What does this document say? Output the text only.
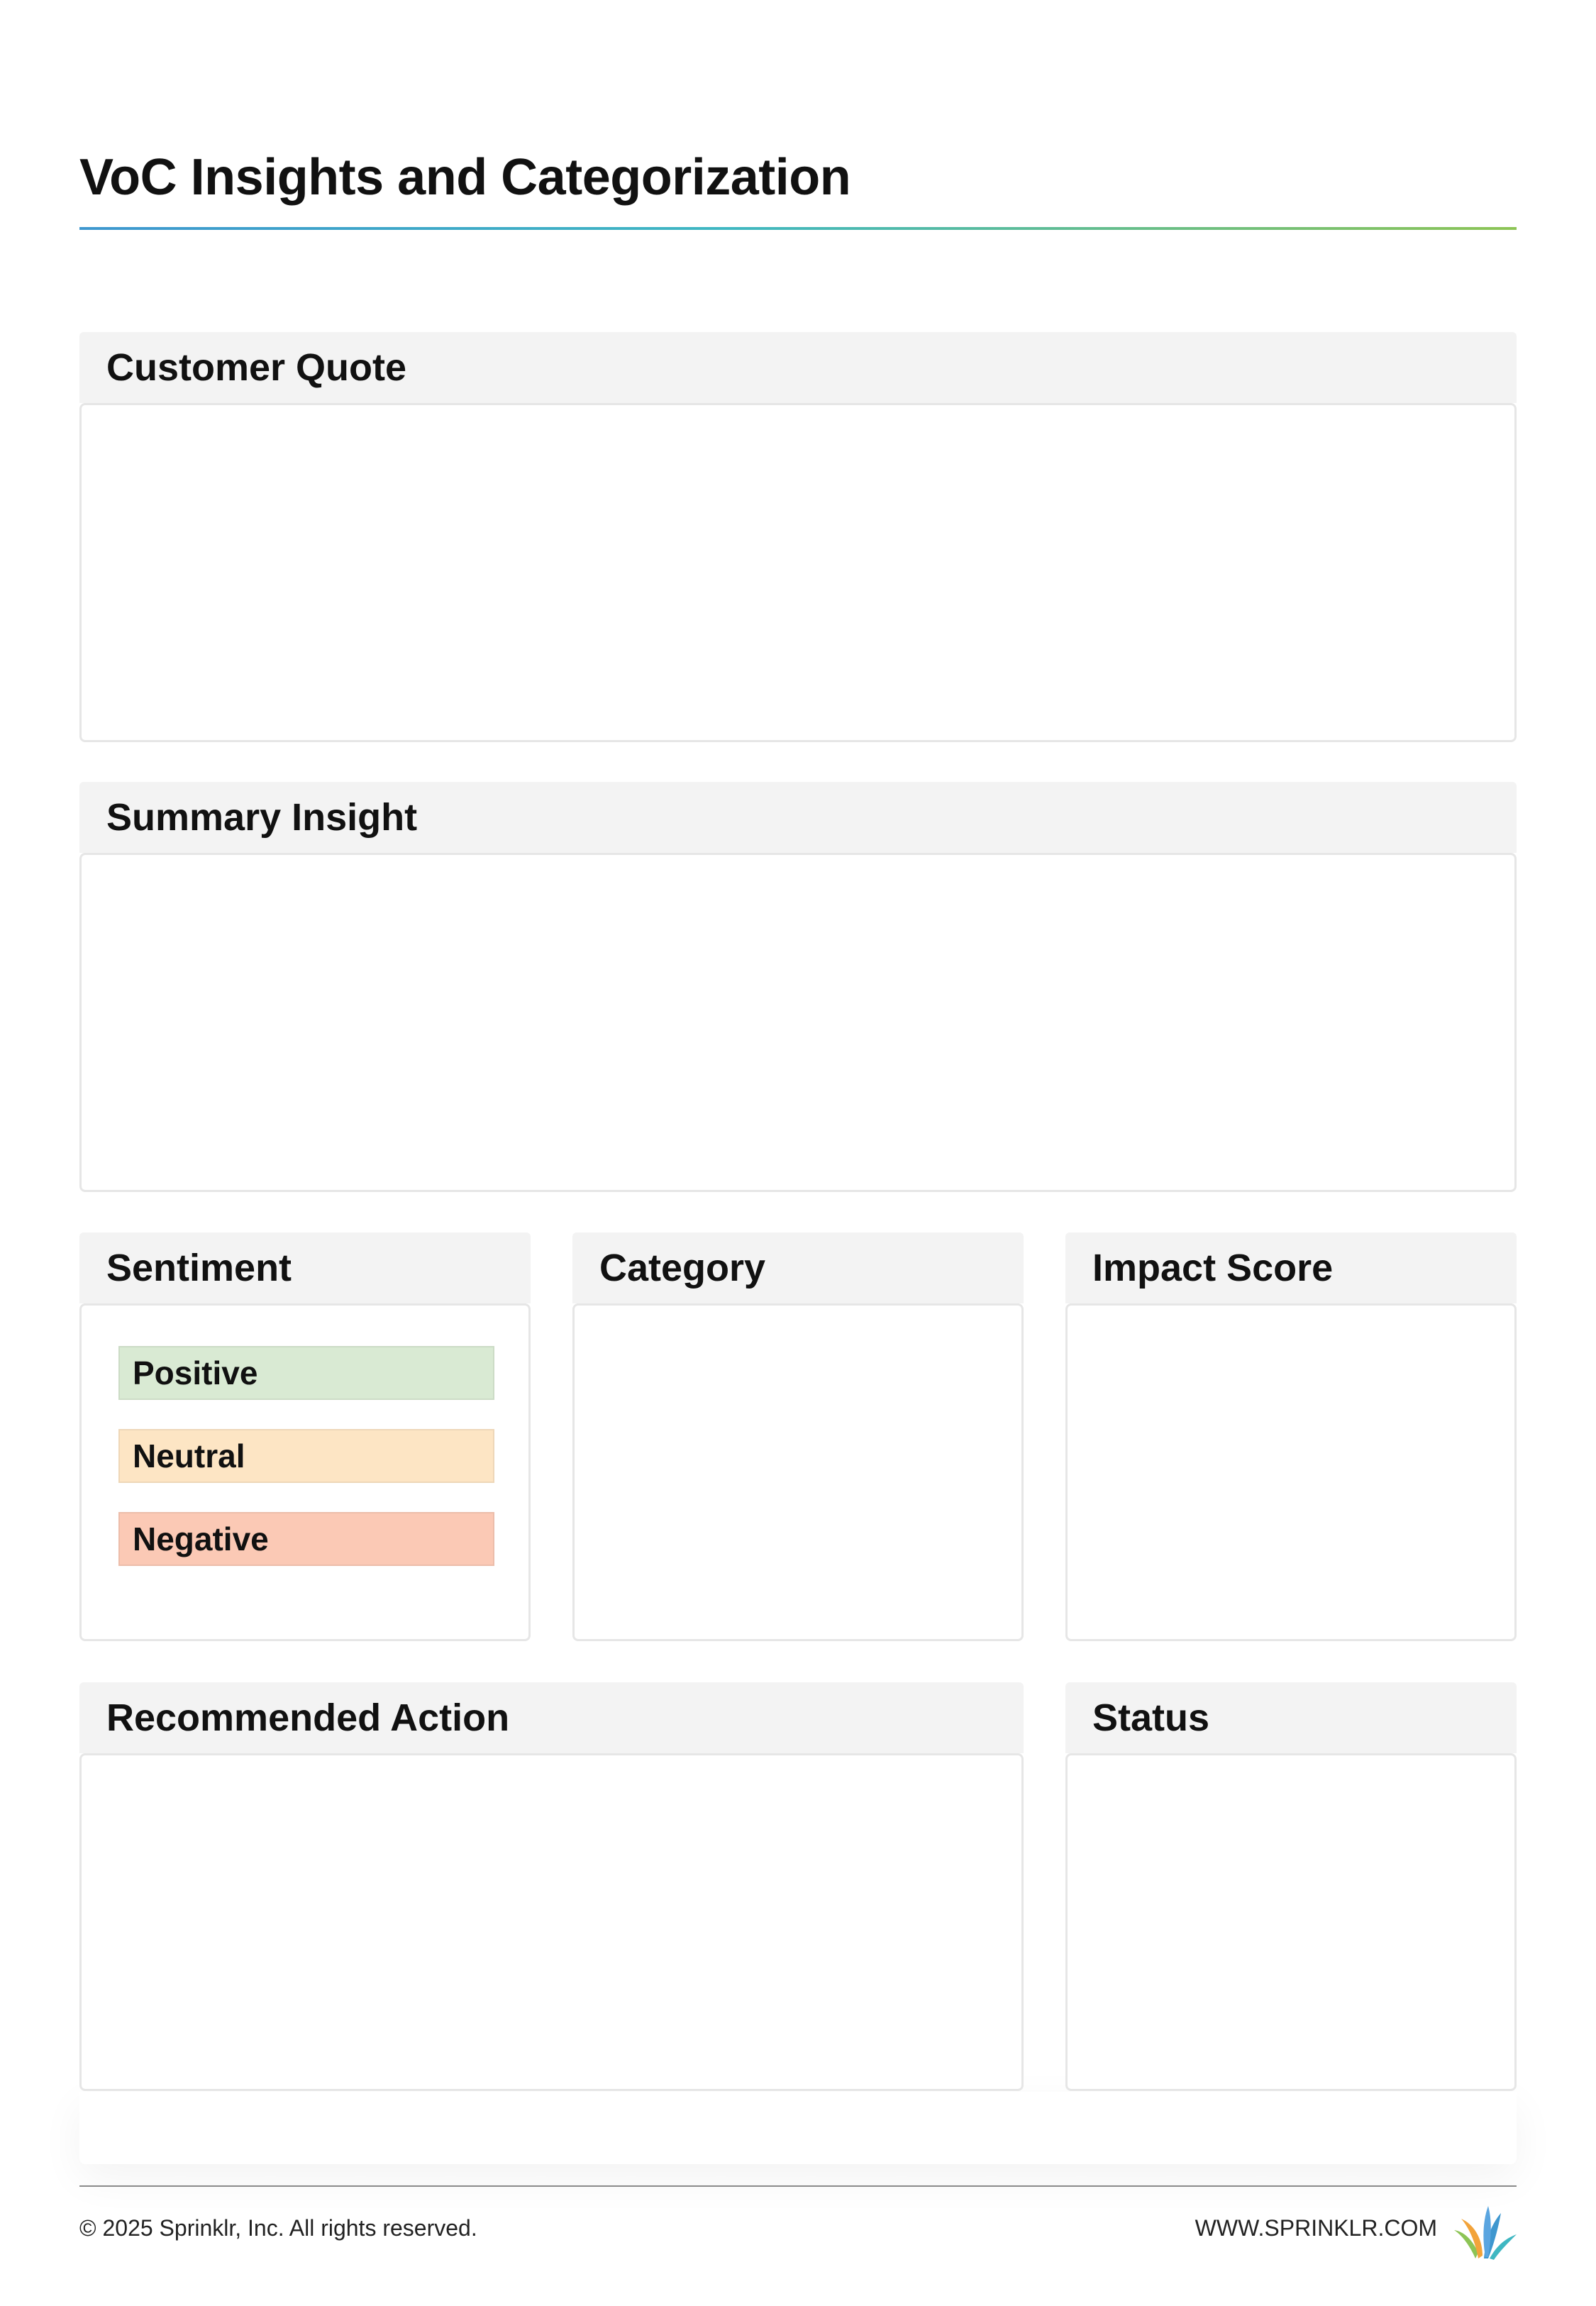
VoC Insights and Categorization
Customer Quote
Summary Insight
Sentiment
Positive
Neutral
Negative
Category	Impact Score
Recommended Action	Status
© 2025 Sprinklr, Inc. All rights reserved.	WWW.SPRINKLR.COM
